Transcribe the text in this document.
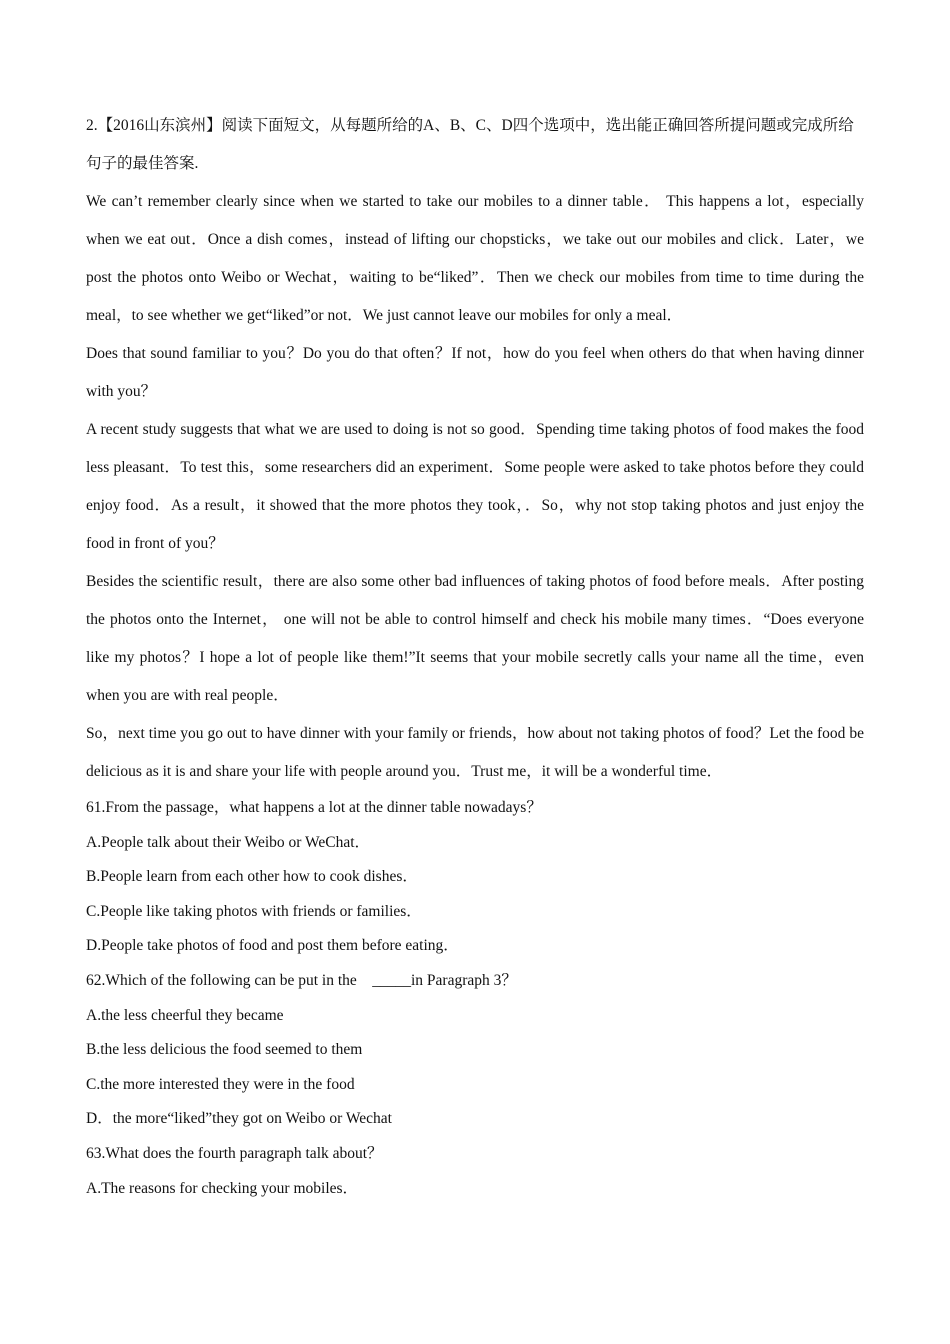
2.【2016山东滨州】阅读下面短文，从每题所给的A、B、C、D四个选项中，选出能正确回答所提问题或完成所给句子的最佳答案.

We can’t remember clearly since when we started to take our mobiles to a dinner table． This happens a lot，especially when we eat out．Once a dish comes，instead of lifting our chopsticks，we take out our mobiles and click．Later，we post the photos onto Weibo or Wechat，waiting to be“liked”．Then we check our mobiles from time to time during the meal，to see whether we get“liked”or not．We just cannot leave our mobiles for only a meal．

Does that sound familiar to you？Do you do that often？If not，how do you feel when others do that when having dinner with you？

A recent study suggests that what we are used to doing is not so good．Spending time taking photos of food makes the food less pleasant．To test this，some researchers did an experiment．Some people were asked to take photos before they could enjoy food．As a result，it showed that the more photos they took，．So，why not stop taking photos and just enjoy the food in front of you？

Besides the scientific result，there are also some other bad influences of taking photos of food before meals．After posting the photos onto the Internet， one will not be able to control himself and check his mobile many times．“Does everyone like my photos？I hope a lot of people like them!”It seems that your mobile secretly calls your name all the time，even when you are with real people．

So，next time you go out to have dinner with your family or friends，how about not taking photos of food？Let the food be delicious as it is and share your life with people around you．Trust me，it will be a wonderful time．

61.From the passage，what happens a lot at the dinner table nowadays？

A.People talk about their Weibo or WeChat．

B.People learn from each other how to cook dishes．

C.People like taking photos with friends or families．

D.People take photos of food and post them before eating．

62.Which of the following can be put in the　_____in Paragraph 3？

A.the less cheerful they became

B.the less delicious the food seemed to them

C.the more interested they were in the food

D．the more“liked”they got on Weibo or Wechat

63.What does the fourth paragraph talk about？

A.The reasons for checking your mobiles．
